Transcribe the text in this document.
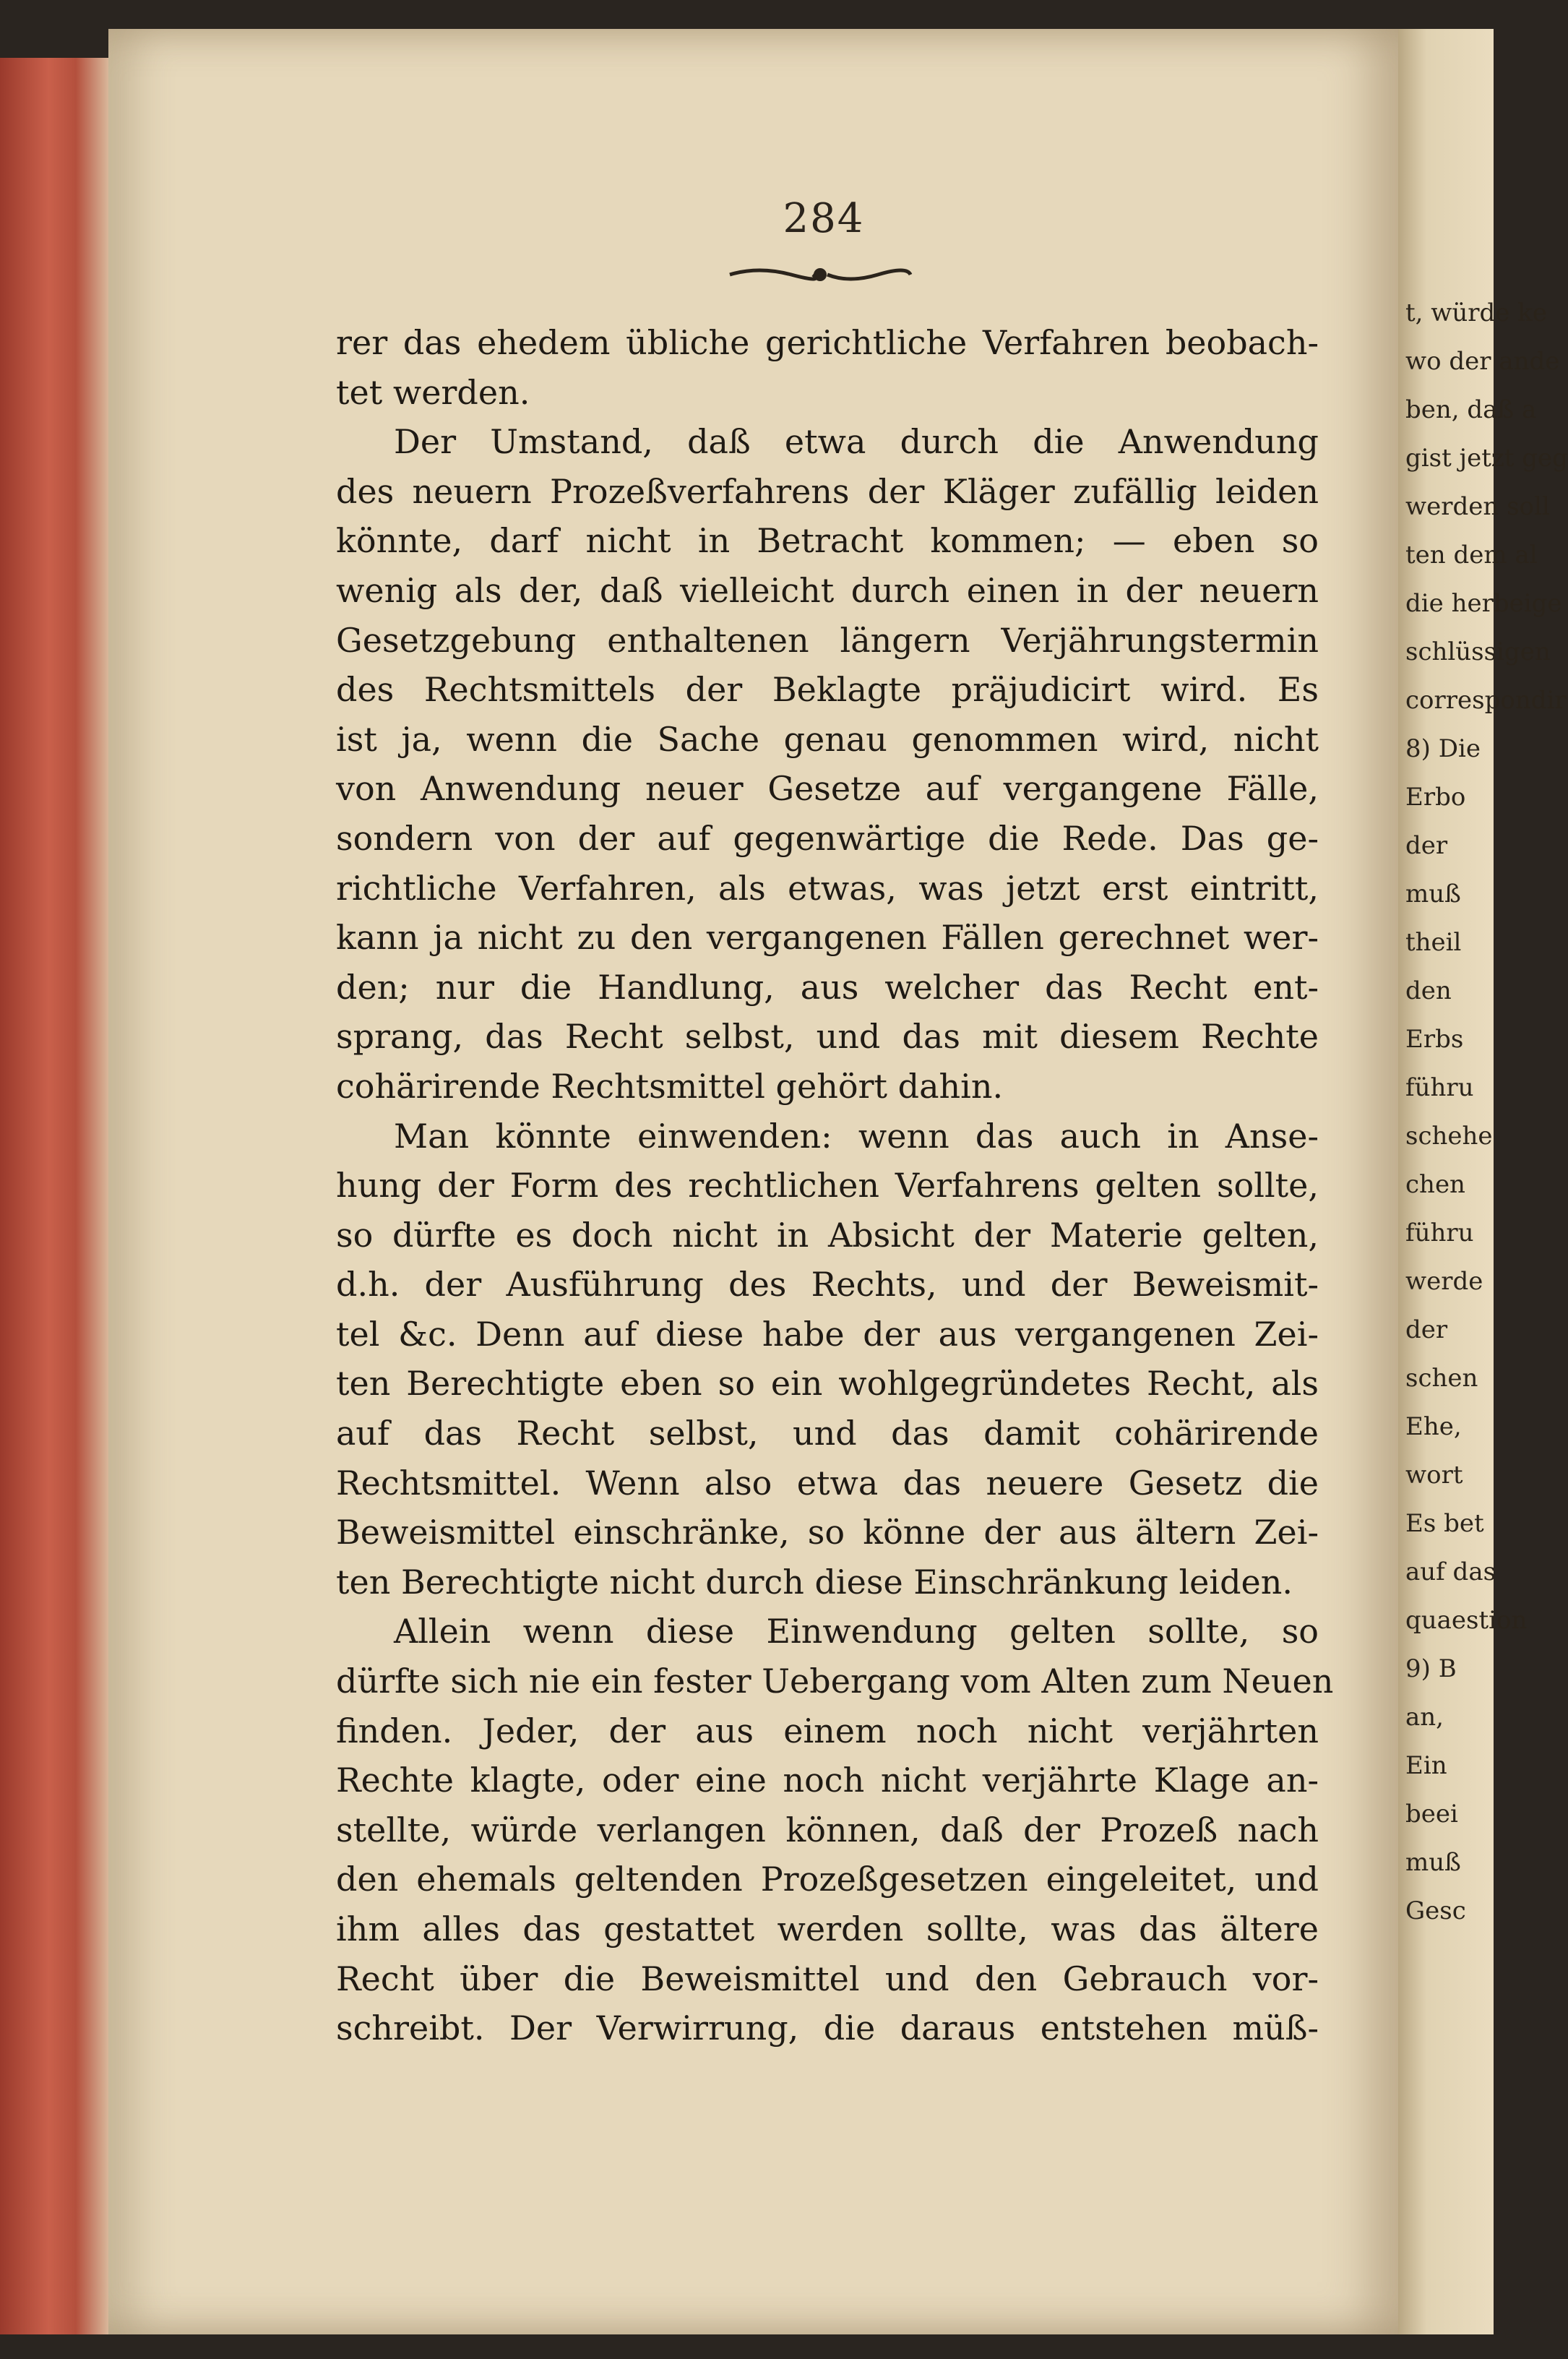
284
rer das ehedem übliche gerichtliche Verfahren beobach-
tet werden.
Der Umstand, daß etwa durch die Anwendung
des neuern Prozeßverfahrens der Kläger zufällig leiden
könnte, darf nicht in Betracht kommen; — eben so
wenig als der, daß vielleicht durch einen in der neuern
Gesetzgebung enthaltenen längern Verjährungstermin
des Rechtsmittels der Beklagte präjudicirt wird. Es
ist ja, wenn die Sache genau genommen wird, nicht
von Anwendung neuer Gesetze auf vergangene Fälle,
sondern von der auf gegenwärtige die Rede. Das ge-
richtliche Verfahren, als etwas, was jetzt erst eintritt,
kann ja nicht zu den vergangenen Fällen gerechnet wer-
den; nur die Handlung, aus welcher das Recht ent-
sprang, das Recht selbst, und das mit diesem Rechte
cohärirende Rechtsmittel gehört dahin.
Man könnte einwenden: wenn das auch in Anse-
hung der Form des rechtlichen Verfahrens gelten sollte,
so dürfte es doch nicht in Absicht der Materie gelten,
d.h. der Ausführung des Rechts, und der Beweismit-
tel &c. Denn auf diese habe der aus vergangenen Zei-
ten Berechtigte eben so ein wohlgegründetes Recht, als
auf das Recht selbst, und das damit cohärirende
Rechtsmittel. Wenn also etwa das neuere Gesetz die
Beweismittel einschränke, so könne der aus ältern Zei-
ten Berechtigte nicht durch diese Einschränkung leiden.
Allein wenn diese Einwendung gelten sollte, so
dürfte sich nie ein fester Uebergang vom Alten zum Neuen
finden. Jeder, der aus einem noch nicht verjährten
Rechte klagte, oder eine noch nicht verjährte Klage an-
stellte, würde verlangen können, daß der Prozeß nach
den ehemals geltenden Prozeßgesetzen eingeleitet, und
ihm alles das gestattet werden sollte, was das ältere
Recht über die Beweismittel und den Gebrauch vor-
schreibt. Der Verwirrung, die daraus entstehen müß-
t, würde ke
wo der ande
ben, daß a
gist jetzt geg
werden soll
ten dem al
die herbeige
schlüssigen
correspondir
8) Die
Erbo
der
muß
theil
den
Erbs
führu
schehe
chen
führu
werde
der
schen
Ehe,
wort
Es bet
auf das
quaestion
9) B
an,
Ein
beei
muß
Gesc
